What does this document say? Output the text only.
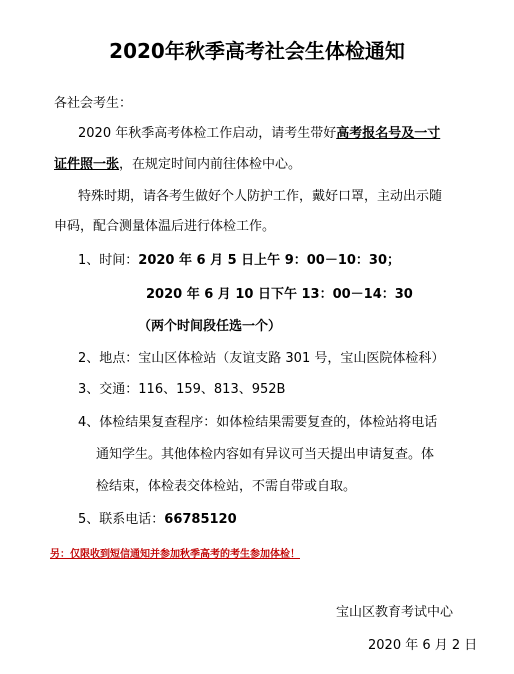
2020年秋季高考社会生体检通知
各社会考生：
2020 年秋季高考体检工作启动，请考生带好高考报名号及一寸
证件照一张，在规定时间内前往体检中心。
特殊时期，请各考生做好个人防护工作，戴好口罩，主动出示随
申码，配合测量体温后进行体检工作。
1、时间：2020 年 6 月 5 日上午 9：00－10：30；
2020 年 6 月 10 日下午 13：00－14：30
（两个时间段任选一个）
2、地点：宝山区体检站（友谊支路 301 号，宝山医院体检科）
3、交通：116、159、813、952B
4、体检结果复查程序：如体检结果需要复查的，体检站将电话
通知学生。其他体检内容如有异议可当天提出申请复查。体
检结束，体检表交体检站，不需自带或自取。
5、联系电话：66785120
另：仅限收到短信通知并参加秋季高考的考生参加体检！
宝山区教育考试中心
2020 年 6 月 2 日
